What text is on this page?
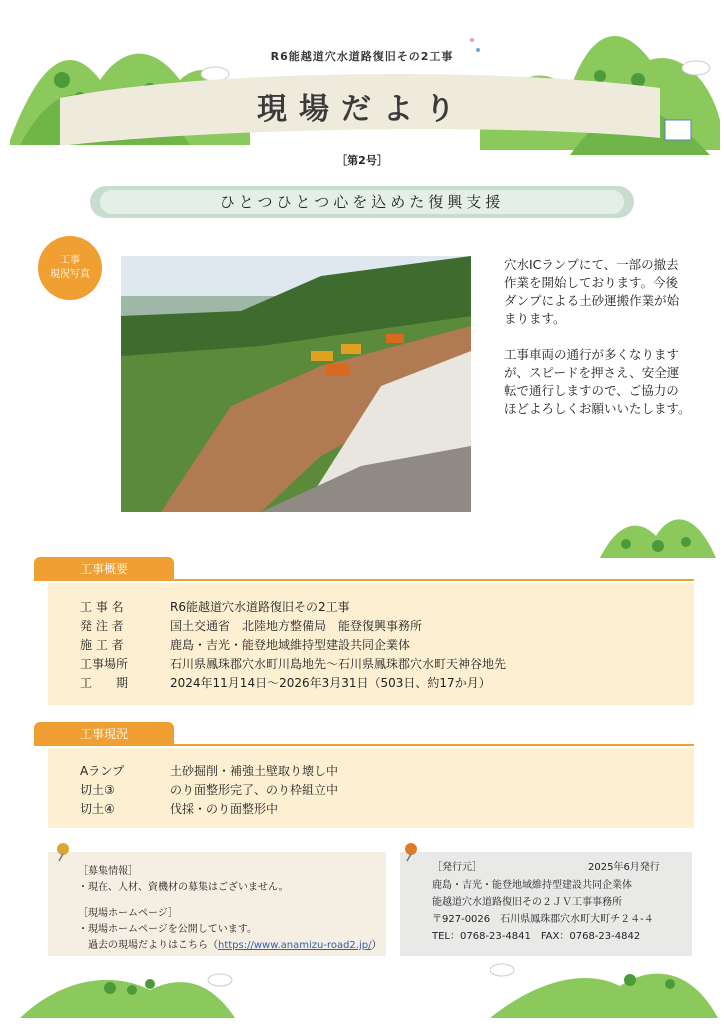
R6能越道穴水道路復旧その2工事
現場だより
［第2号］
ひとつひとつ心を込めた復興支援
工事
現況写真

穴水ICランプにて、一部の撤去
作業を開始しております。今後
ダンプによる土砂運搬作業が始
まります。

工事車両の通行が多くなります
が、スピードを押さえ、安全運
転で通行しますので、ご協力の
ほどよろしくお願いいたします。

工事概要
工 事 名	R6能越道穴水道路復旧その2工事
発 注 者	国土交通省　北陸地方整備局　能登復興事務所
施 工 者	鹿島・吉光・能登地域維持型建設共同企業体
工事場所	石川県鳳珠郡穴水町川島地先～石川県鳳珠郡穴水町天神谷地先
工　　期	2024年11月14日～2026年3月31日（503日、約17か月）
工事現況
Aランプ	土砂掘削・補強土壁取り壊し中
切土③	のり面整形完了、のり枠組立中
切土④	伐採・のり面整形中
［募集情報］
・現在、人材、資機材の募集はございません。
［現場ホームページ］
・現場ホームページを公開しています。
　過去の現場だよりはこちら（https://www.anamizu-road2.jp/）
［発行元］	2025年6月発行
鹿島・吉光・能登地域維持型建設共同企業体
能越道穴水道路復旧その２ＪＶ工事事務所
〒927-0026　石川県鳳珠郡穴水町大町チ２４-４
TEL：0768-23-4841　FAX：0768-23-4842
